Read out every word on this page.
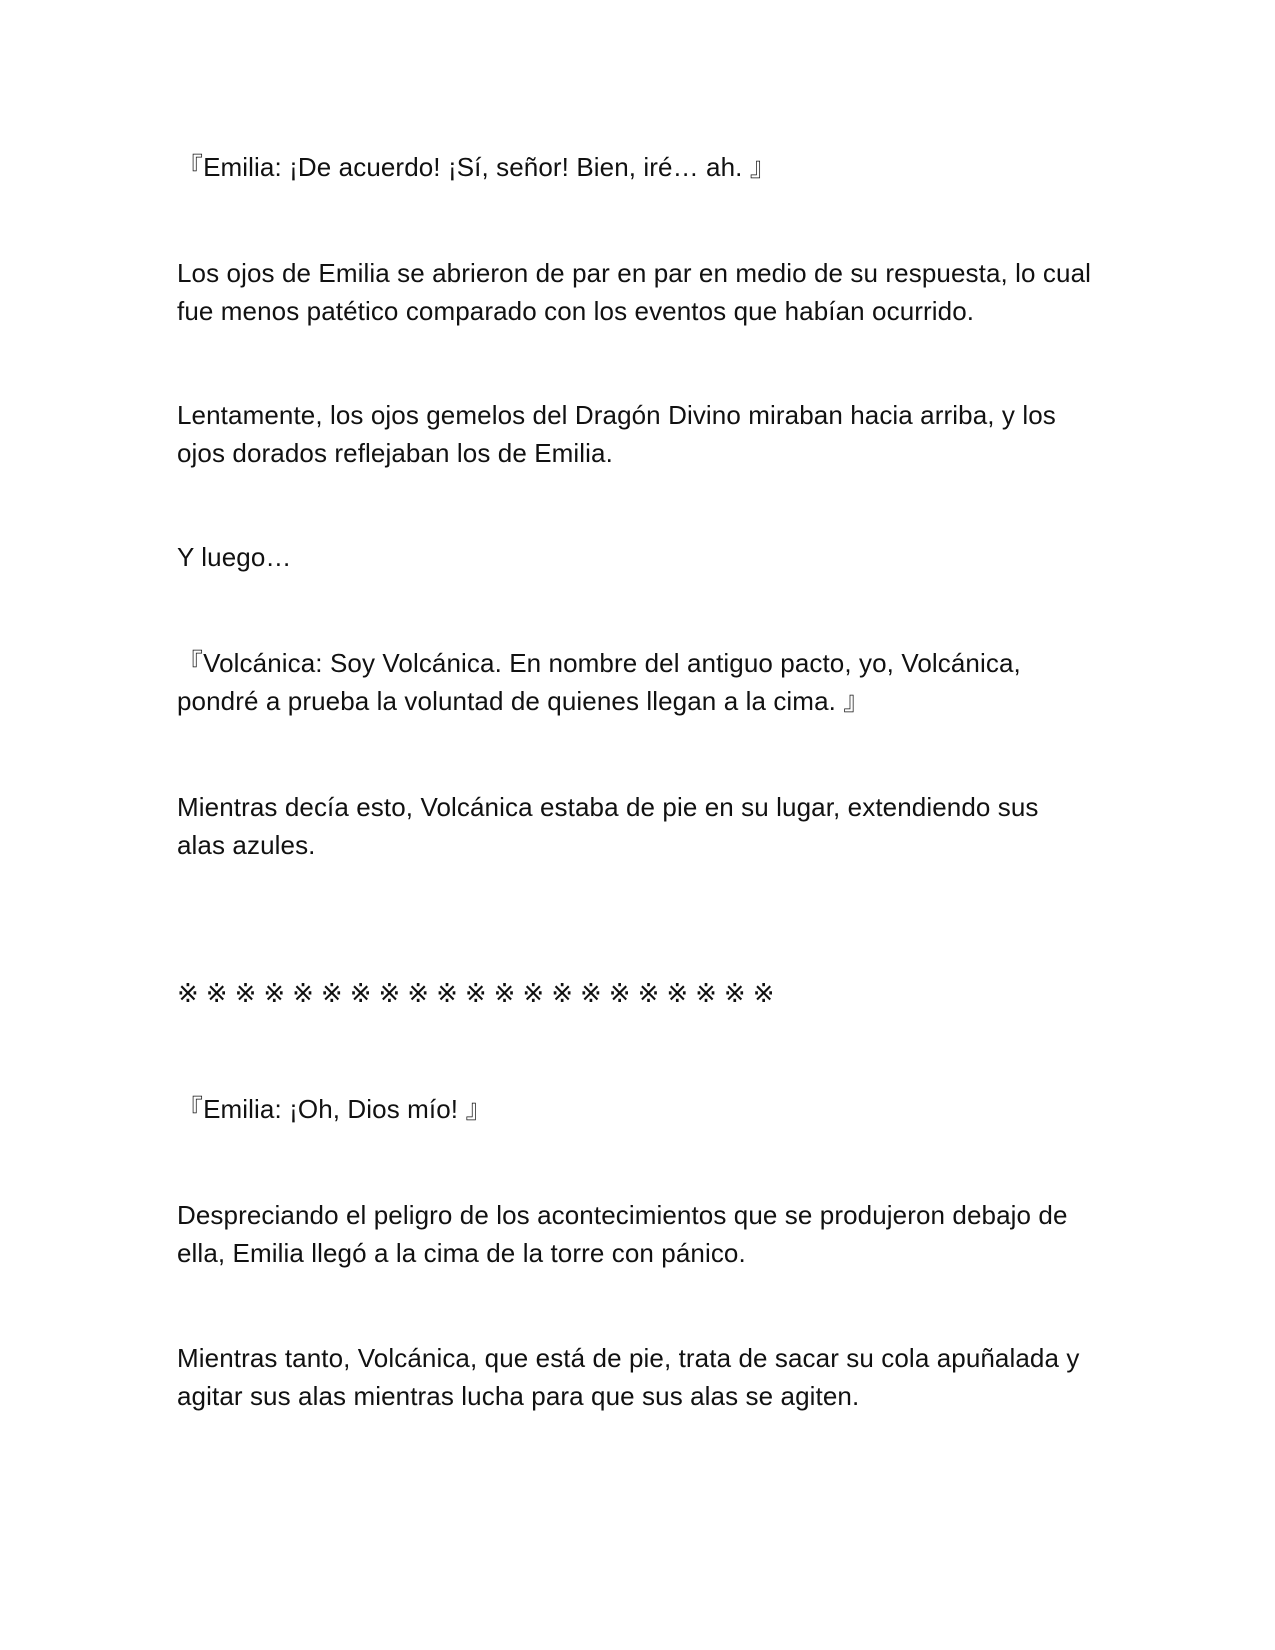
『Emilia: ¡De acuerdo! ¡Sí, señor! Bien, iré… ah. 』

Los ojos de Emilia se abrieron de par en par en medio de su respuesta, lo cual
fue menos patético comparado con los eventos que habían ocurrido.

Lentamente, los ojos gemelos del Dragón Divino miraban hacia arriba, y los
ojos dorados reflejaban los de Emilia.

Y luego…

『Volcánica: Soy Volcánica. En nombre del antiguo pacto, yo, Volcánica,
pondré a prueba la voluntad de quienes llegan a la cima. 』

Mientras decía esto, Volcánica estaba de pie en su lugar, extendiendo sus
alas azules.

※※※※※※※※※※※※※※※※※※※※※

『Emilia: ¡Oh, Dios mío! 』

Despreciando el peligro de los acontecimientos que se produjeron debajo de
ella, Emilia llegó a la cima de la torre con pánico.

Mientras tanto, Volcánica, que está de pie, trata de sacar su cola apuñalada y
agitar sus alas mientras lucha para que sus alas se agiten.
